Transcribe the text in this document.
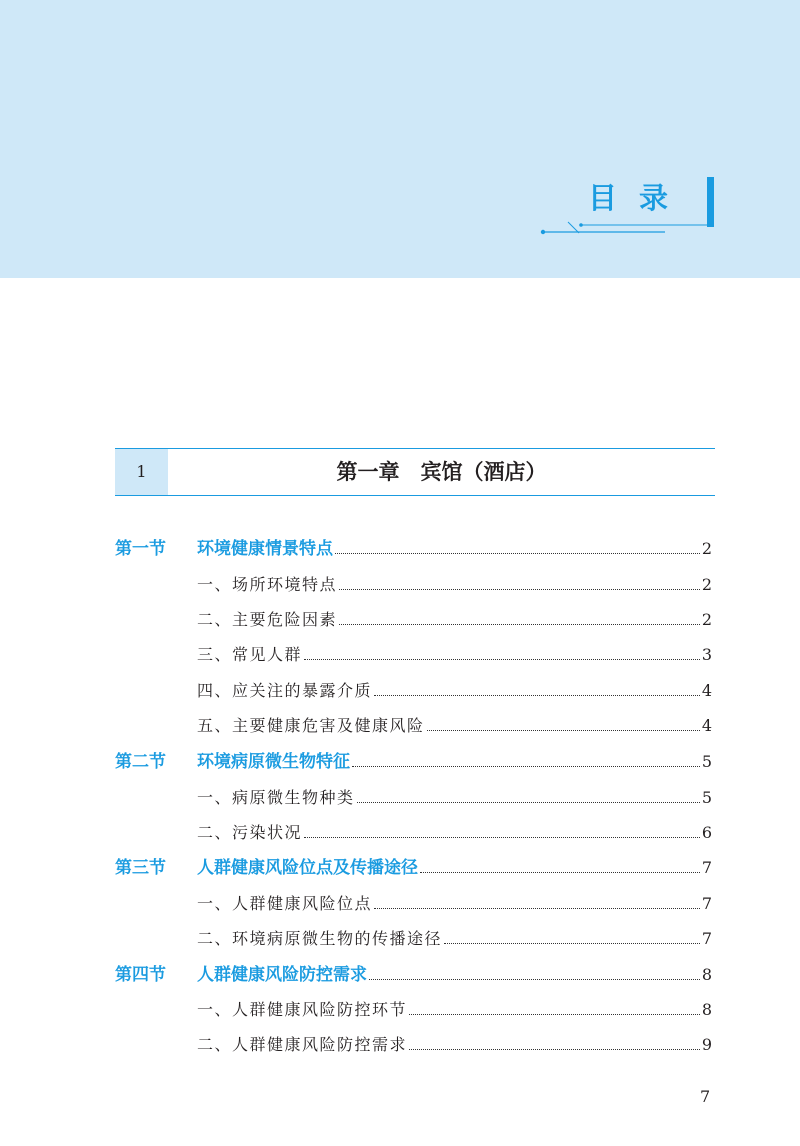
目录
1	第一章　宾馆（酒店）
第一节	环境健康情景特点	2
一、场所环境特点	2
二、主要危险因素	2
三、常见人群	3
四、应关注的暴露介质	4
五、主要健康危害及健康风险	4
第二节	环境病原微生物特征	5
一、病原微生物种类	5
二、污染状况	6
第三节	人群健康风险位点及传播途径	7
一、人群健康风险位点	7
二、环境病原微生物的传播途径	7
第四节	人群健康风险防控需求	8
一、人群健康风险防控环节	8
二、人群健康风险防控需求	9
7
